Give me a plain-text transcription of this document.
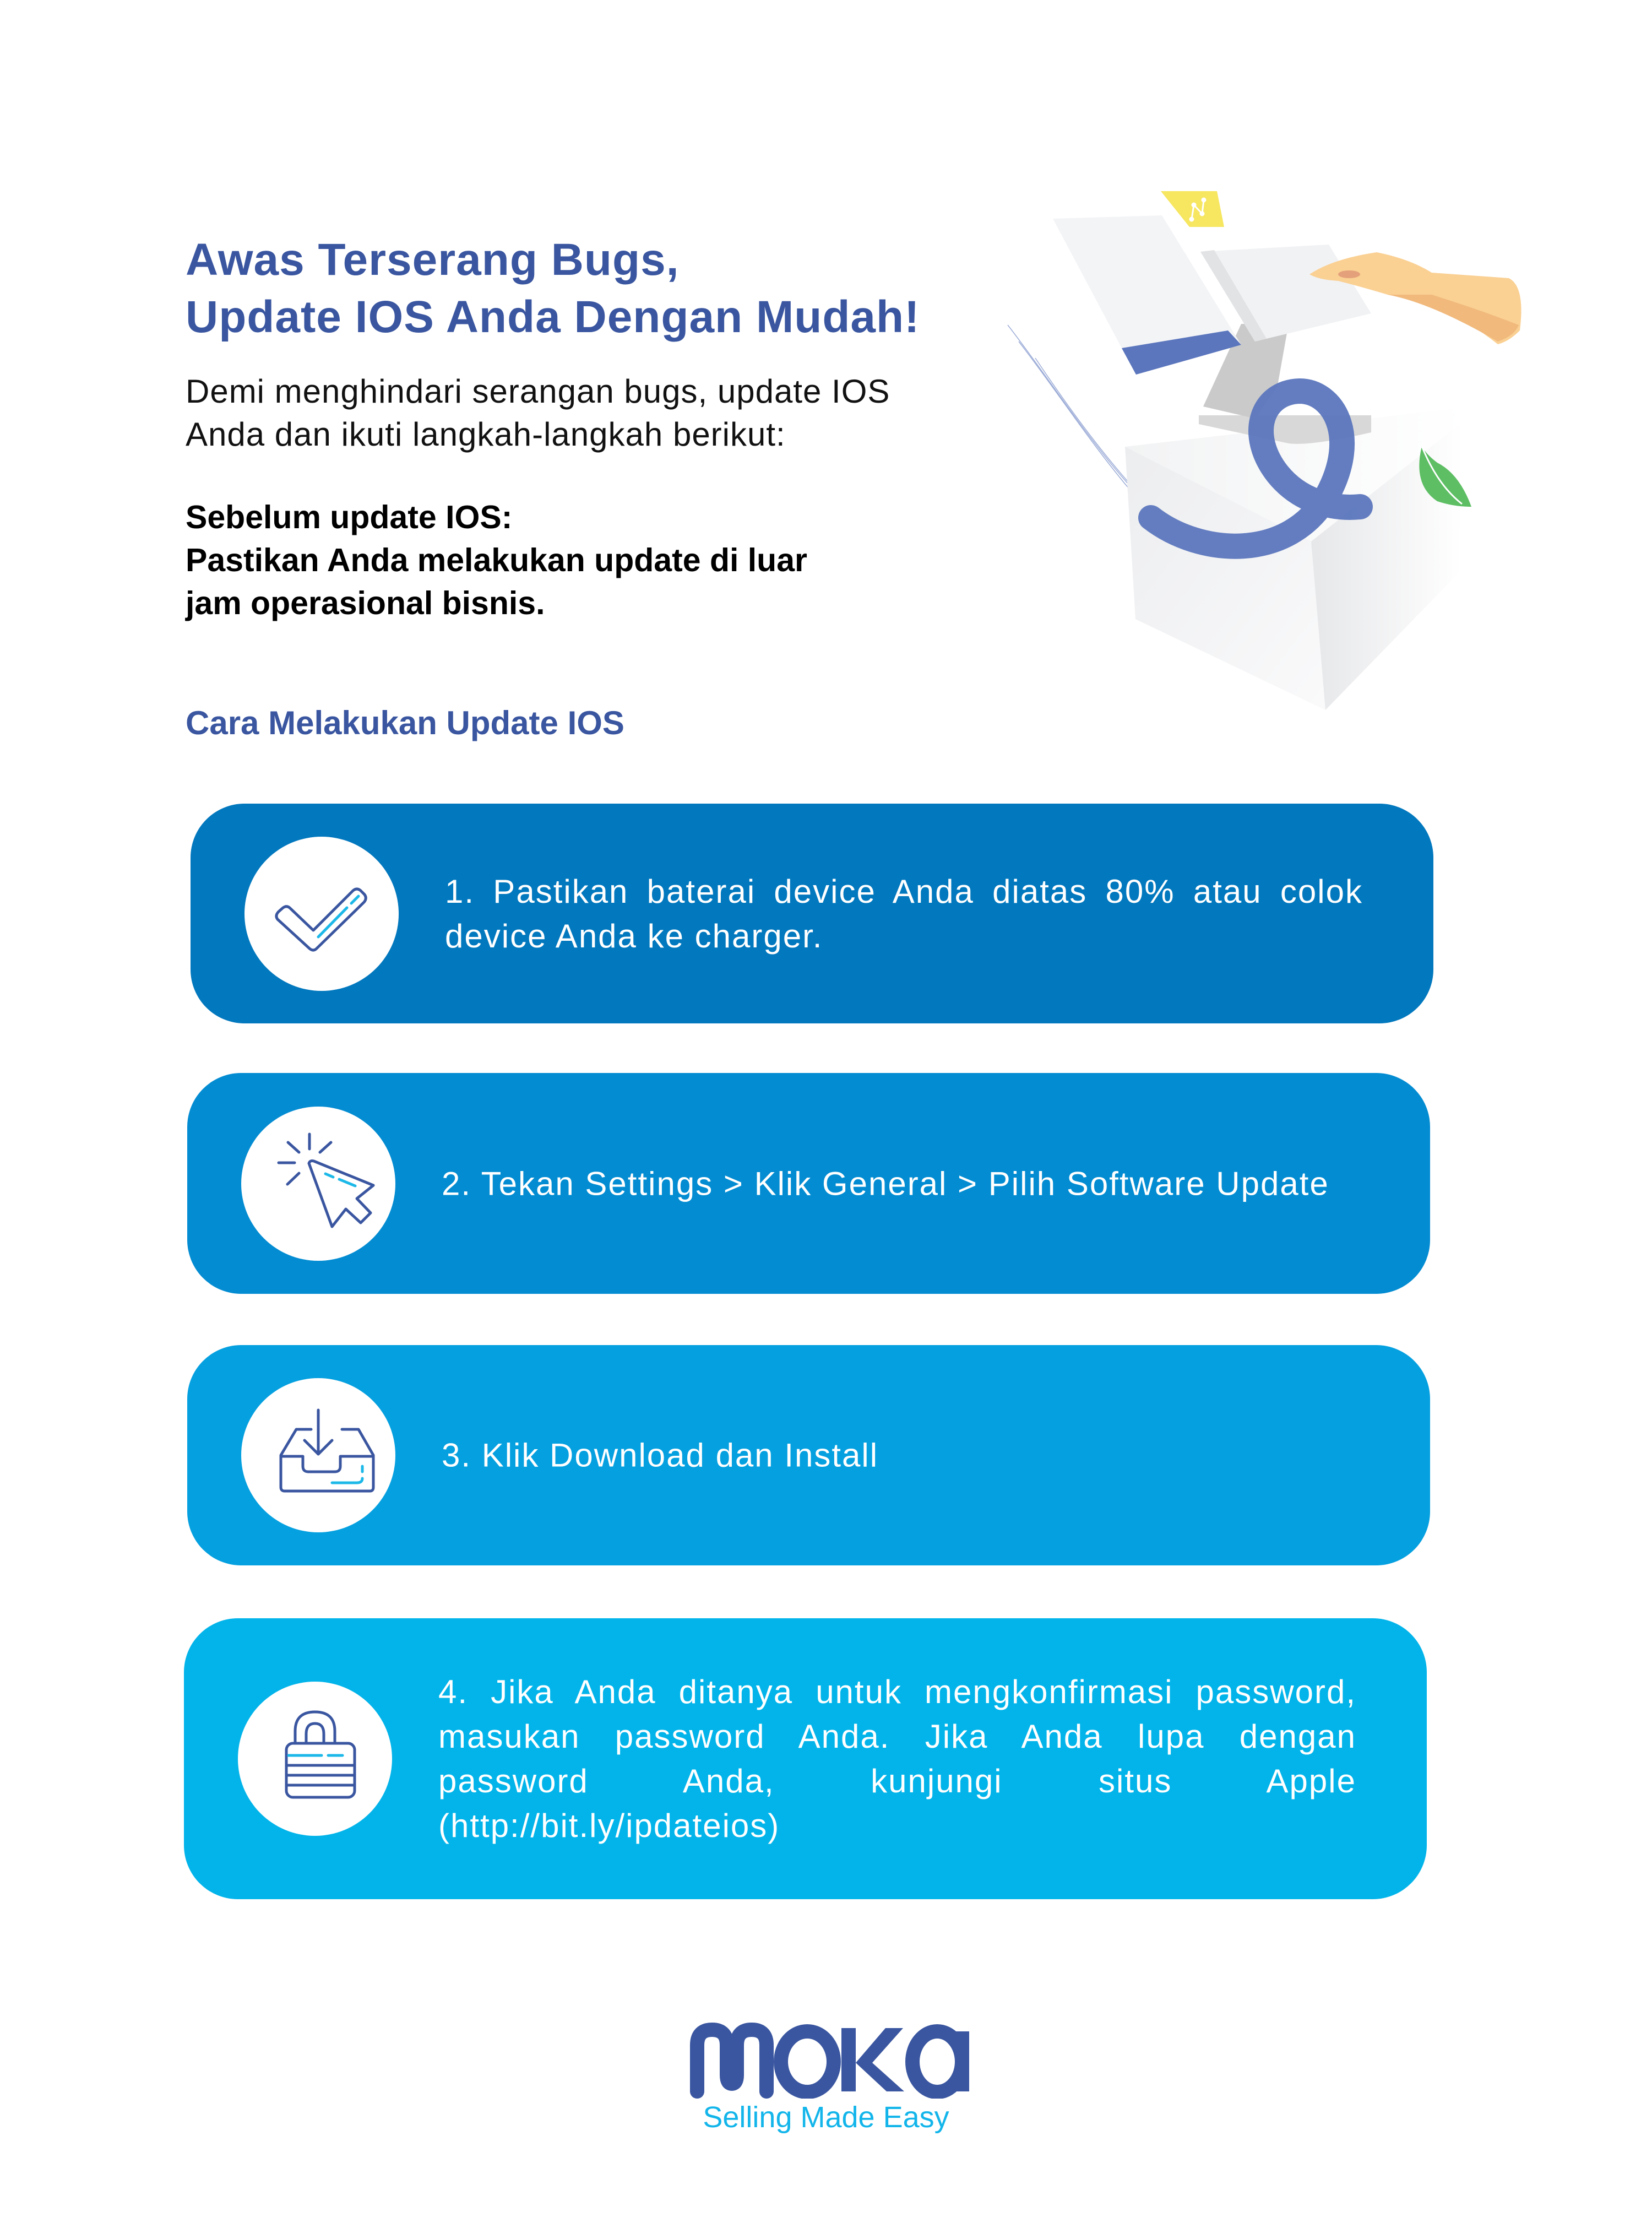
Awas Terserang Bugs,
Update IOS Anda Dengan Mudah!
Demi menghindari serangan bugs, update IOS
Anda dan ikuti langkah-langkah berikut:
Sebelum update IOS:
Pastikan Anda melakukan update di luar
jam operasional bisnis.
Cara Melakukan Update IOS
1. Pastikan baterai device Anda diatas 80% atau colok device Anda ke charger.
2. Tekan Settings > Klik General > Pilih Software Update
3. Klik Download dan Install
4. Jika Anda ditanya untuk mengkonfirmasi password, masukan password Anda. Jika Anda lupa dengan password Anda, kunjungi situs Apple (http://bit.ly/ipdateios)
Selling Made Easy
